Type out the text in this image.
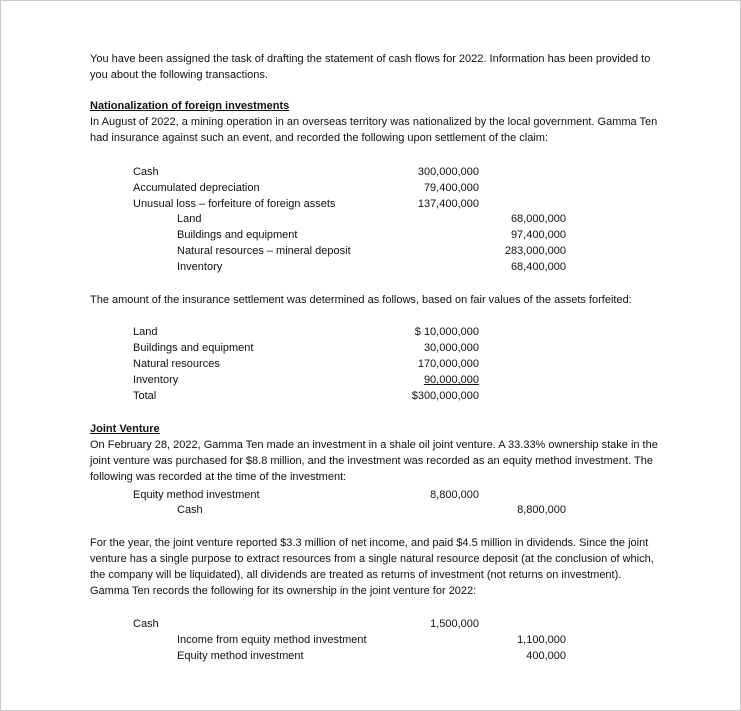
You have been assigned the task of drafting the statement of cash flows for 2022. Information has been provided to you about the following transactions.
Nationalization of foreign investments
In August of 2022, a mining operation in an overseas territory was nationalized by the local government. Gamma Ten had insurance against such an event, and recorded the following upon settlement of the claim:
Cash	300,000,000
Accumulated depreciation	79,400,000
Unusual loss – forfeiture of foreign assets	137,400,000
Land	68,000,000
Buildings and equipment	97,400,000
Natural resources – mineral deposit	283,000,000
Inventory	68,400,000
The amount of the insurance settlement was determined as follows, based on fair values of the assets forfeited:
Land	$ 10,000,000
Buildings and equipment	30,000,000
Natural resources	170,000,000
Inventory	90,000,000
Total	$300,000,000
Joint Venture
On February 28, 2022, Gamma Ten made an investment in a shale oil joint venture. A 33.33% ownership stake in the joint venture was purchased for $8.8 million, and the investment was recorded as an equity method investment. The following was recorded at the time of the investment:
Equity method investment	8,800,000
Cash	8,800,000
For the year, the joint venture reported $3.3 million of net income, and paid $4.5 million in dividends. Since the joint venture has a single purpose to extract resources from a single natural resource deposit (at the conclusion of which, the company will be liquidated), all dividends are treated as returns of investment (not returns on investment). Gamma Ten records the following for its ownership in the joint venture for 2022:
Cash	1,500,000
Income from equity method investment	1,100,000
Equity method investment	400,000
